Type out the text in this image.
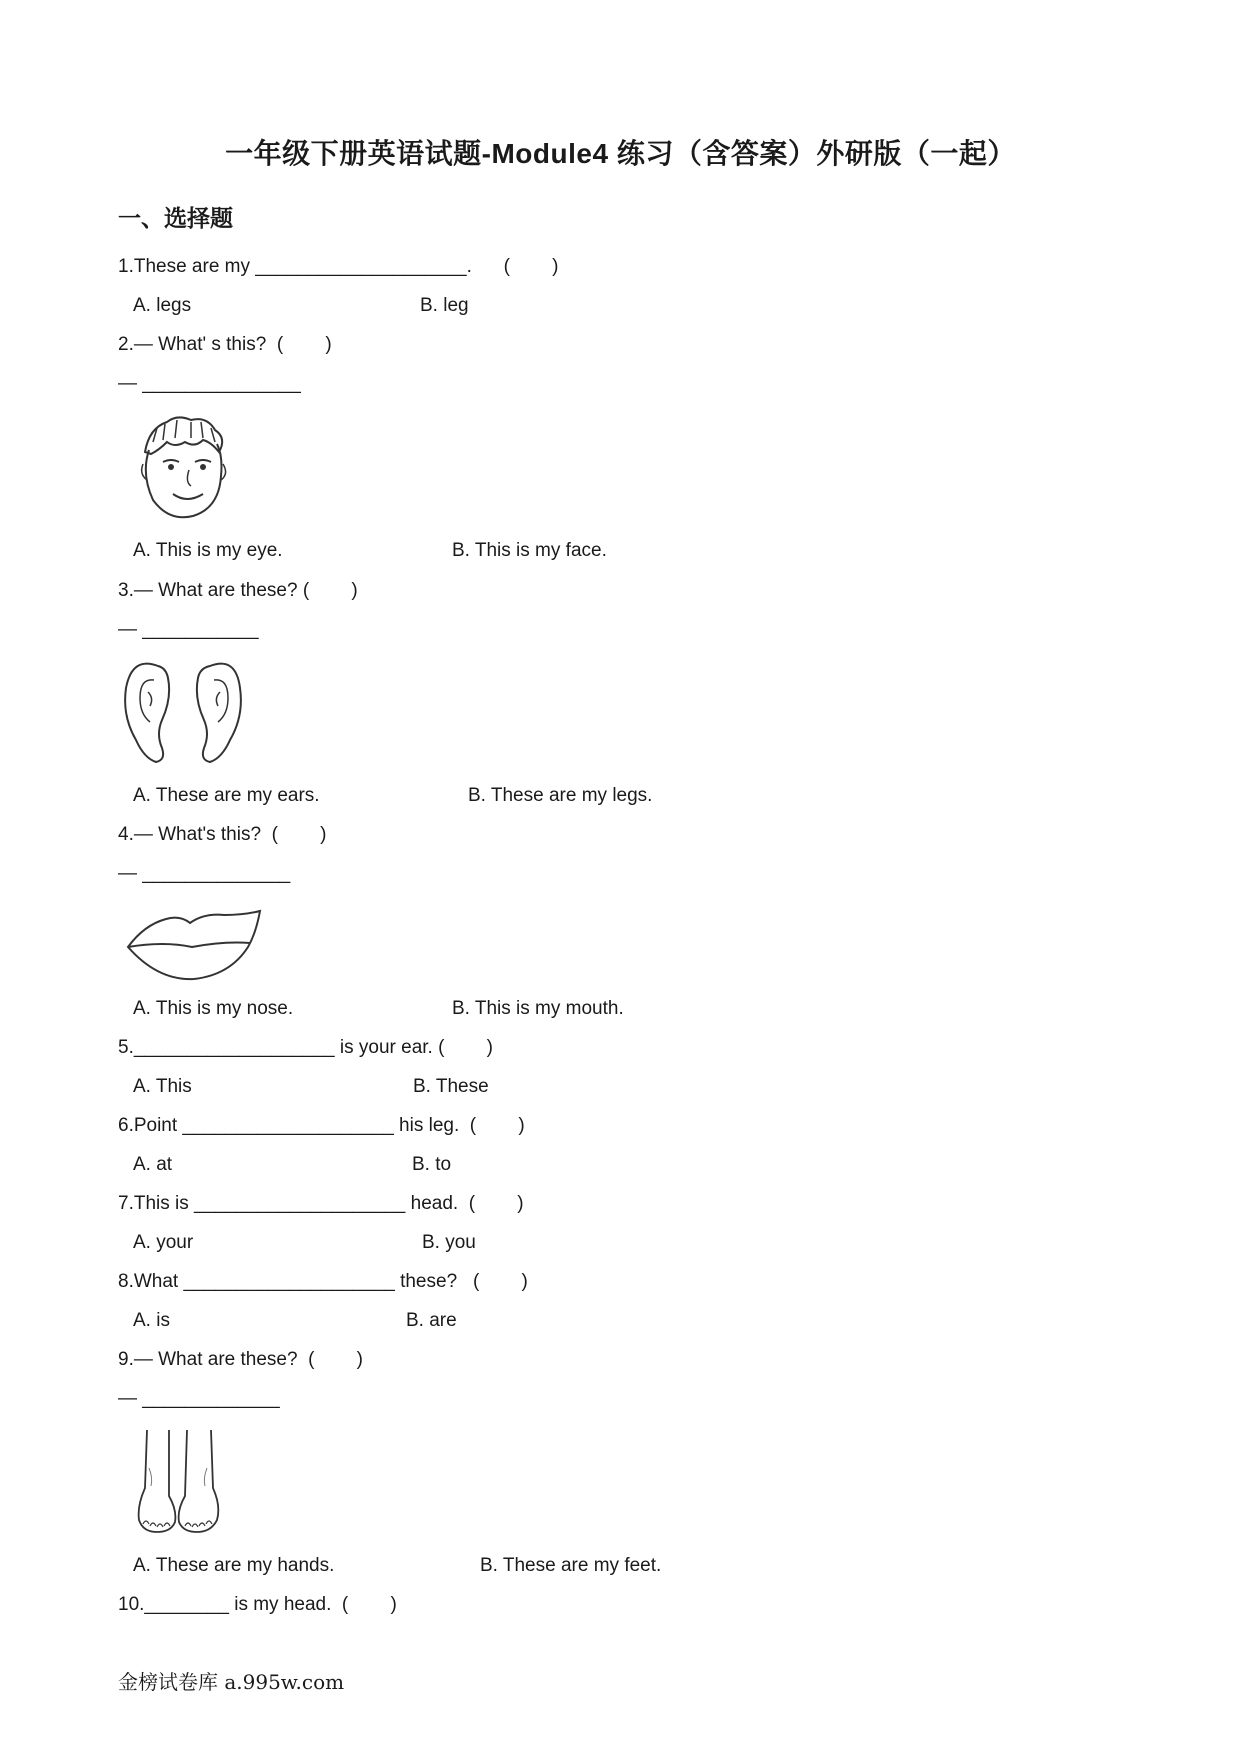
一年级下册英语试题-Module4 练习（含答案）外研版（一起）
一、选择题
1.These are my ____________________.      (        )
A. legs	B. leg
2.— What' s this?  (        )
— _______________
A. This is my eye.	B. This is my face.
3.— What are these? (        )
— ___________
A. These are my ears.	B. These are my legs.
4.— What's this?  (        )
— ______________
A. This is my nose.	B. This is my mouth.
5.___________________ is your ear. (        )
A. This	B. These
6.Point ____________________ his leg.  (        )
A. at	B. to
7.This is ____________________ head.  (        )
A. your	B. you
8.What ____________________ these?   (        )
A. is	B. are
9.— What are these?  (        )
— _____________
A. These are my hands.	B. These are my feet.
10.________ is my head.  (        )
金榜试卷库 a.995w.com
